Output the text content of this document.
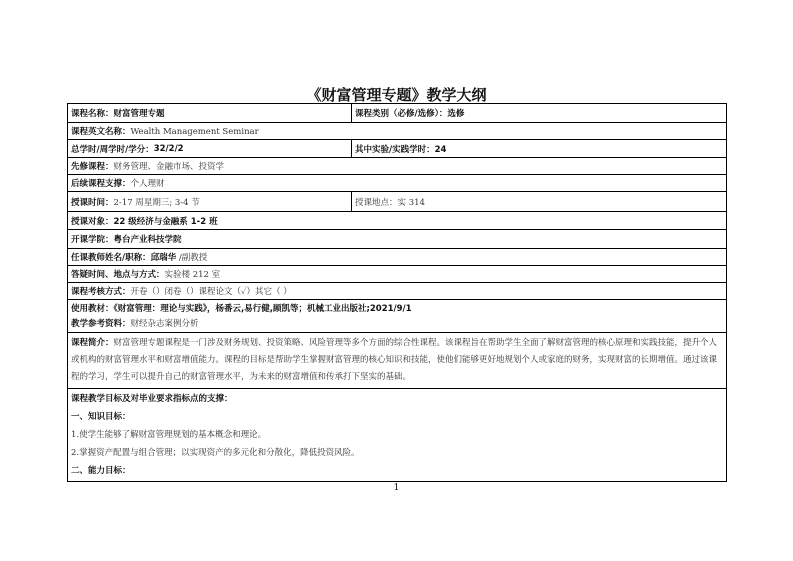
《财富管理专题》教学大纲
课程名称： 财富管理专题	课程类别（必修/选修）：选修
课程英文名称：Wealth Management Seminar
总学时/周学时/学分： 32/2/2	其中实验/实践学时：24
先修课程：财务管理、金融市场、投资学
后续课程支撑：个人理财
授课时间： 2-17 周星期三; 3-4 节	授课地点：实 314
授课对象：22 级经济与金融系 1-2 班
开课学院：粤台产业科技学院
任课教师姓名/职称：邱瑞华 /副教授
答疑时间、地点与方式：实验楼 212 室
课程考核方式：开卷（）闭卷（）课程论文（✓）其它（ ）
使用教材：《财富管理：理论与实践》，杨番云,易行健,顾凯等；机械工业出版社;2021/9/1
教学参考资料：财经杂志案例分析
课程简介：财富管理专题课程是一门涉及财务规划、投资策略、风险管理等多个方面的综合性课程。该课程旨在帮助学生全面了解财富管理的核心原理和实践技能，提升个人或机构的财富管理水平和财富增值能力。课程的目标是帮助学生掌握财富管理的核心知识和技能，使他们能够更好地规划个人或家庭的财务，实现财富的长期增值。通过该课程的学习，学生可以提升自己的财富管理水平，为未来的财富增值和传承打下坚实的基础。
课程教学目标及对毕业要求指标点的支撑：
一、知识目标：
1.使学生能够了解财富管理规划的基本概念和理论。
2.掌握资产配置与组合管理；以实现资产的多元化和分散化，降低投资风险。
二、能力目标：
1
